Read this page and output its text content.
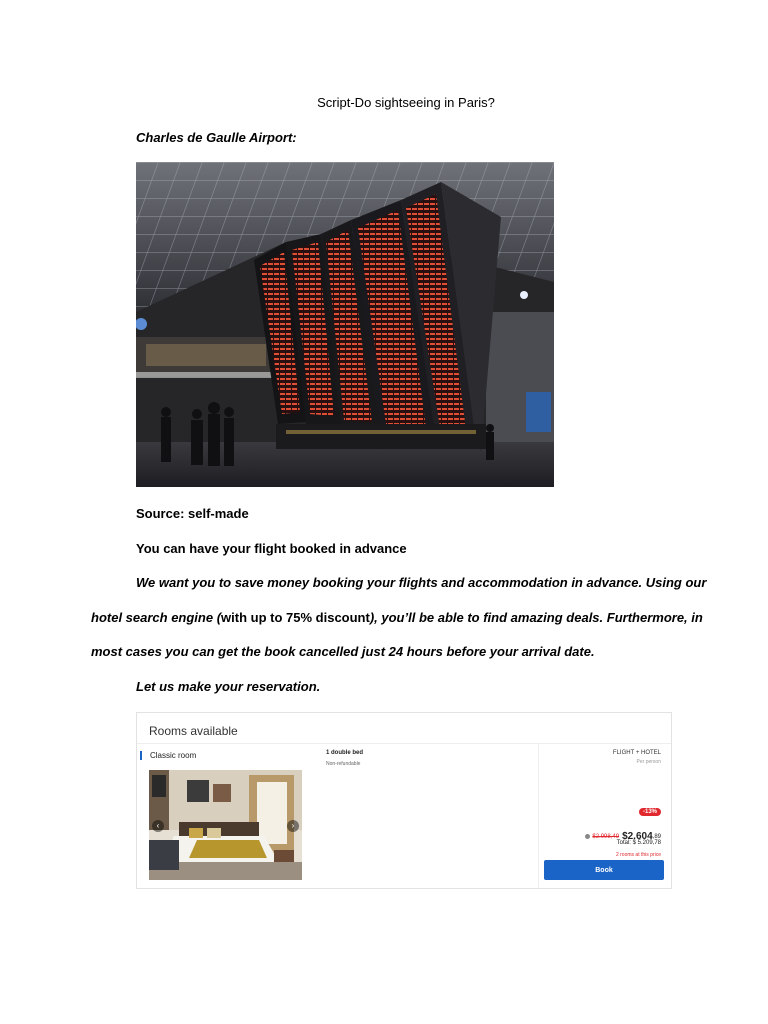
Script-Do sightseeing in Paris?
Charles de Gaulle Airport:
Source: self-made
You can have your flight booked in advance
We want you to save money booking your flights and accommodation in advance. Using our
hotel search engine (with up to 75% discount), you’ll be able to find amazing deals. Furthermore, in
most cases you can get the book cancelled just 24 hours before your arrival date.
Let us make your reservation.
Rooms available
Classic room
‹	›
1 double bed
Non-refundable
FLIGHT + HOTEL
Per person
-13%
$2.998,49 $2.604,89
Total: $ 5.209,78
2 rooms at this price
Book
